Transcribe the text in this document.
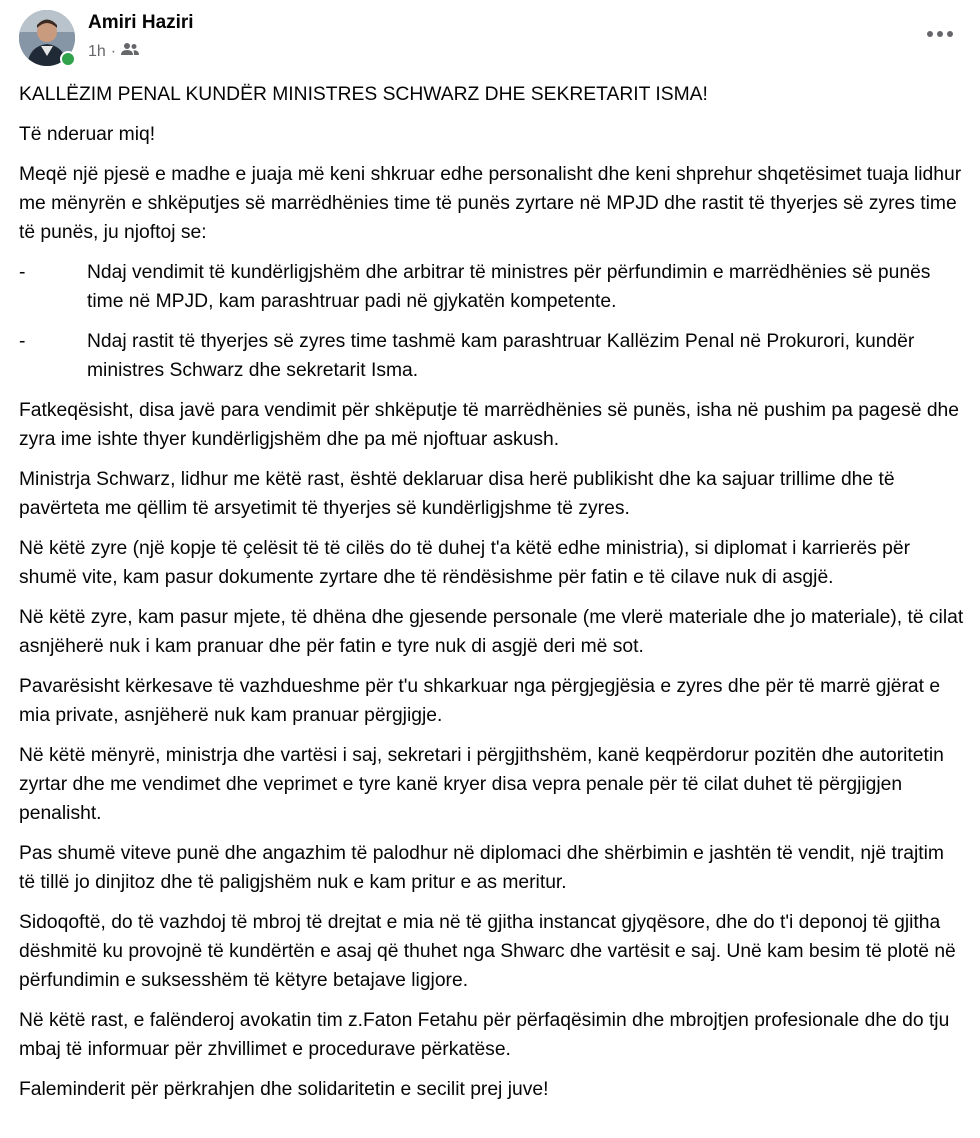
Amiri Haziri
1h ·

KALLËZIM PENAL KUNDËR MINISTRES SCHWARZ DHE SEKRETARIT ISMA!

Të nderuar miq!

Meqë një pjesë e madhe e juaja më keni shkruar edhe personalisht dhe keni shprehur shqetësimet tuaja lidhur me mënyrën e shkëputjes së marrëdhënies time të punës zyrtare në MPJD dhe rastit të thyerjes së zyres time të punës, ju njoftoj se:

-	Ndaj vendimit të kundërligjshëm dhe arbitrar të ministres për përfundimin e marrëdhënies së punës time në MPJD, kam parashtruar padi në gjykatën kompetente.

-	Ndaj rastit të thyerjes së zyres time tashmë kam parashtruar Kallëzim Penal në Prokurori, kundër ministres Schwarz dhe sekretarit Isma.

Fatkeqësisht, disa javë para vendimit për shkëputje të marrëdhënies së punës, isha në pushim pa pagesë dhe zyra ime ishte thyer kundërligjshëm dhe pa më njoftuar askush.

Ministrja Schwarz, lidhur me këtë rast, është deklaruar disa herë publikisht dhe ka sajuar trillime dhe të pavërteta me qëllim të arsyetimit të thyerjes së kundërligjshme të zyres.

Në këtë zyre (një kopje të çelësit të të cilës do të duhej t'a këtë edhe ministria), si diplomat i karrierës për shumë vite, kam pasur dokumente zyrtare dhe të rëndësishme për fatin e të cilave nuk di asgjë.

Në këtë zyre, kam pasur mjete, të dhëna dhe gjesende personale (me vlerë materiale dhe jo materiale), të cilat asnjëherë nuk i kam pranuar dhe për fatin e tyre nuk di asgjë deri më sot.

Pavarësisht kërkesave të vazhdueshme për t'u shkarkuar nga përgjegjësia e zyres dhe për të marrë gjërat e mia private, asnjëherë nuk kam pranuar përgjigje.

Në këtë mënyrë, ministrja dhe vartësi i saj, sekretari i përgjithshëm, kanë keqpërdorur pozitën dhe autoritetin zyrtar dhe me vendimet dhe veprimet e tyre kanë kryer disa vepra penale për të cilat duhet të përgjigjen penalisht.

Pas shumë viteve punë dhe angazhim të palodhur në diplomaci dhe shërbimin e jashtën të vendit, një trajtim të tillë jo dinjitoz dhe të paligjshëm nuk e kam pritur e as meritur.

Sidoqoftë, do të vazhdoj të mbroj të drejtat e mia në të gjitha instancat gjyqësore, dhe do t'i deponoj të gjitha dëshmitë ku provojnë të kundërtën e asaj që thuhet nga Shwarc dhe vartësit e saj. Unë kam besim të plotë në përfundimin e suksesshëm të këtyre betajave ligjore.

Në këtë rast, e falënderoj avokatin tim z.Faton Fetahu për përfaqësimin dhe mbrojtjen profesionale dhe do tju mbaj të informuar për zhvillimet e procedurave përkatëse.

Faleminderit për përkrahjen dhe solidaritetin e secilit prej juve!
